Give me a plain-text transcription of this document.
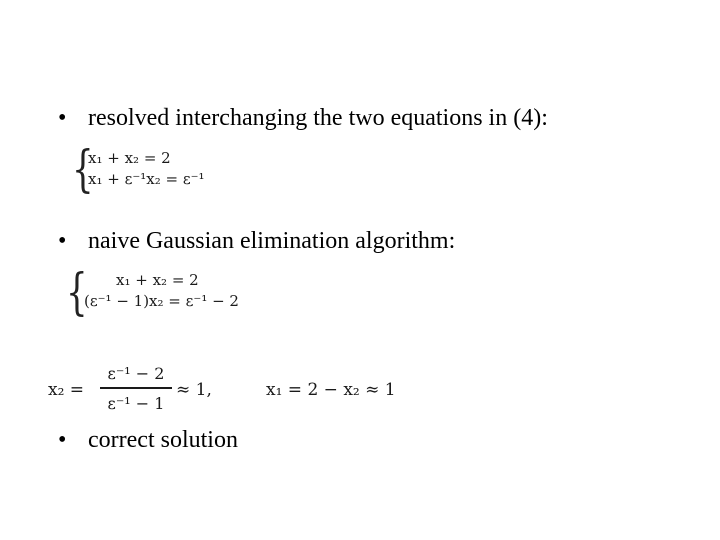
• resolved interchanging the two equations in (4):
{
x₁ + x₂ = 2
x₁ + ε⁻¹x₂ = ε⁻¹
• naive Gaussian elimination algorithm:
{ x₁ + x₂ = 2
(ε⁻¹ − 1)x₂ = ε⁻¹ − 2
x₂ =
ε⁻¹ − 2
ε⁻¹ − 1
≈ 1,	x₁ = 2 − x₂ ≈ 1
• correct solution
